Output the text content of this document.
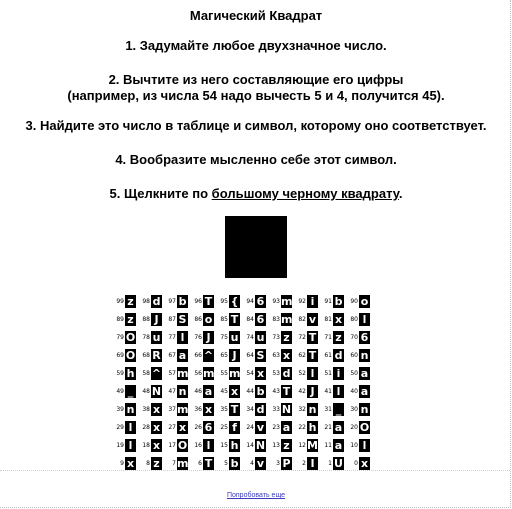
Магический Квадрат

1. Задумайте любое двухзначное число.

2. Вычтите из него составляющие его цифры

(например, из числа 54 надо вычесть 5 и 4, получится 45).

3. Найдите это число в таблице и символ, которому оно соответствует.

4. Вообразите мысленно себе этот символ.

5. Щелкните по большому черному квадрату.

99	z	98	d	97	b	96	T	95	{	94	6	93	m	92	i	91	b	90	o
89	z	88	J	87	S	86	o	85	T	84	6	83	m	82	v	81	x	80	l
79	O	78	u	77	l	76	J	75	u	74	u	73	z	72	T	71	z	70	6
69	O	68	R	67	a	66	^	65	J	64	S	63	x	62	T	61	d	60	n
59	h	58	^	57	m	56	m	55	m	54	x	53	d	52	l	51	i	50	a
49	_	48	N	47	n	46	a	45	x	44	b	43	T	42	J	41	l	40	a
39	n	38	x	37	m	36	x	35	T	34	d	33	N	32	n	31	_	30	n
29	l	28	x	27	x	26	6	25	f	24	v	23	a	22	h	21	a	20	O
19	l	18	x	17	O	16	l	15	h	14	N	13	z	12	M	11	a	10	l
9	x	8	z	7	m	6	T	5	b	4	v	3	P	2	I	1	U	0	x
Попробовать еще
